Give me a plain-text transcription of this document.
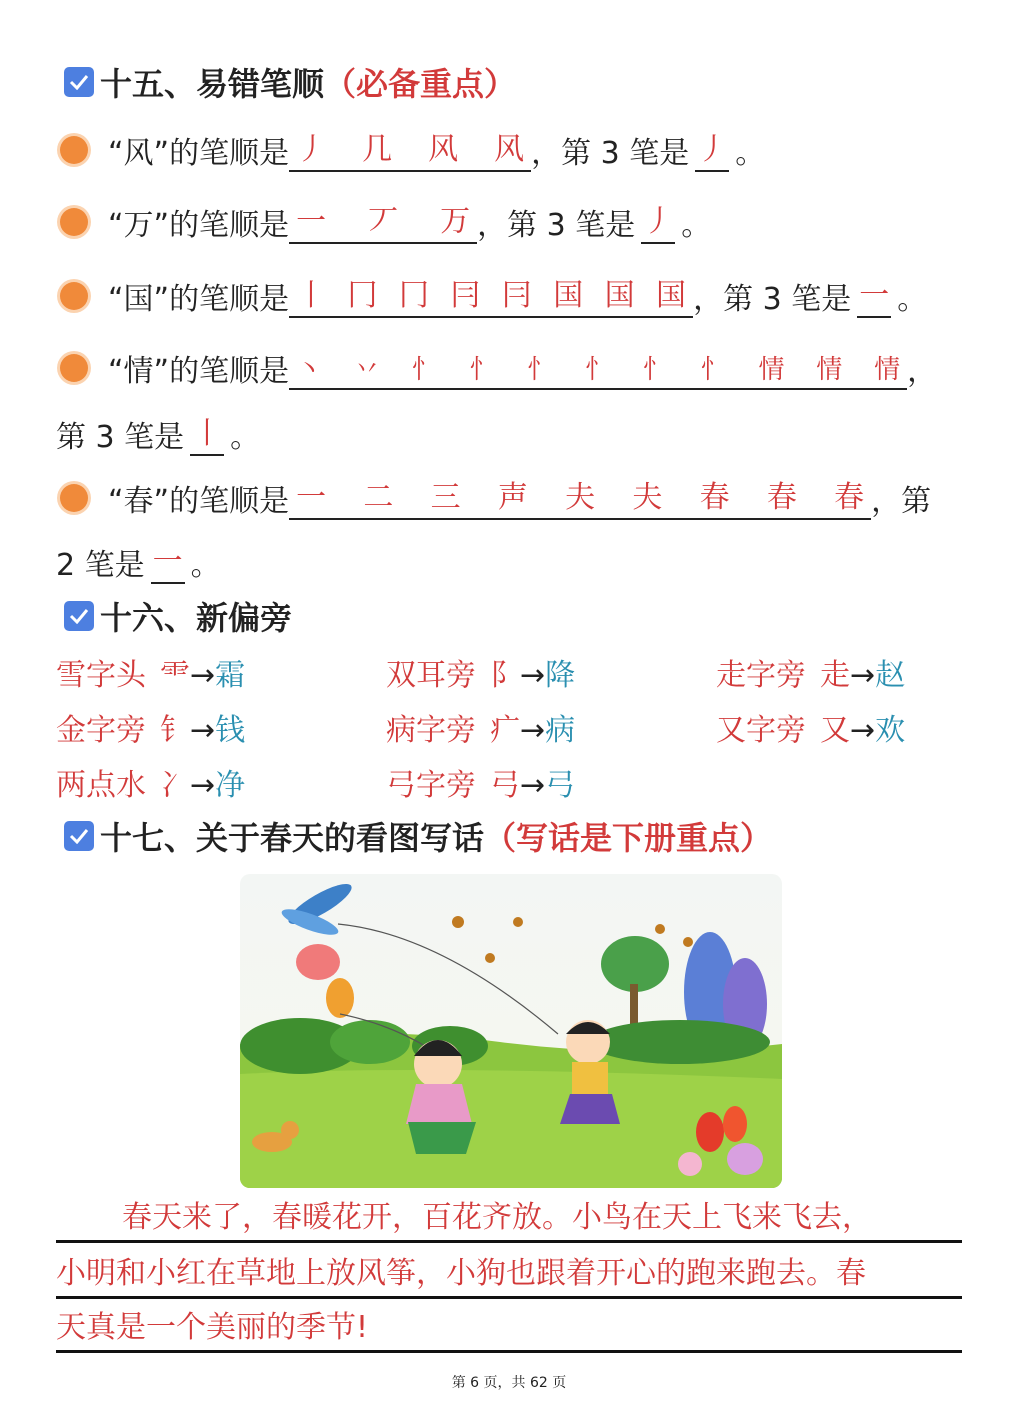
十五、易错笔顺 （必备重点）
“风”的笔顺是 丿 几 风 风 ，第 3 笔是 丿 。
“万”的笔顺是 一 丆 万 ，第 3 笔是 丿 。
“国”的笔顺是 丨 冂 冂 冃 冃 国 国 国 ，第 3 笔是 一 。
“情”的笔顺是 丶 丷 忄 忄 忄 忄 忄 忄 情 情 情 ，
第 3 笔是 丨 。
“春”的笔顺是 一 二 三 声 夫 夫 春 春 春 ，第
2 笔是 一 。
十六、新偏旁
雪字头 ⻗→霜	双耳旁 阝→降	走字旁 走→赵
金字旁 钅→钱	病字旁 疒→病	又字旁 又→欢
两点水 冫→净	弓字旁 弓→弓
十七、关于春天的看图写话 （写话是下册重点）
春天来了，春暖花开，百花齐放。小鸟在天上飞来飞去，
小明和小红在草地上放风筝，小狗也跟着开心的跑来跑去。春
天真是一个美丽的季节!
第 6 页，共 62 页
